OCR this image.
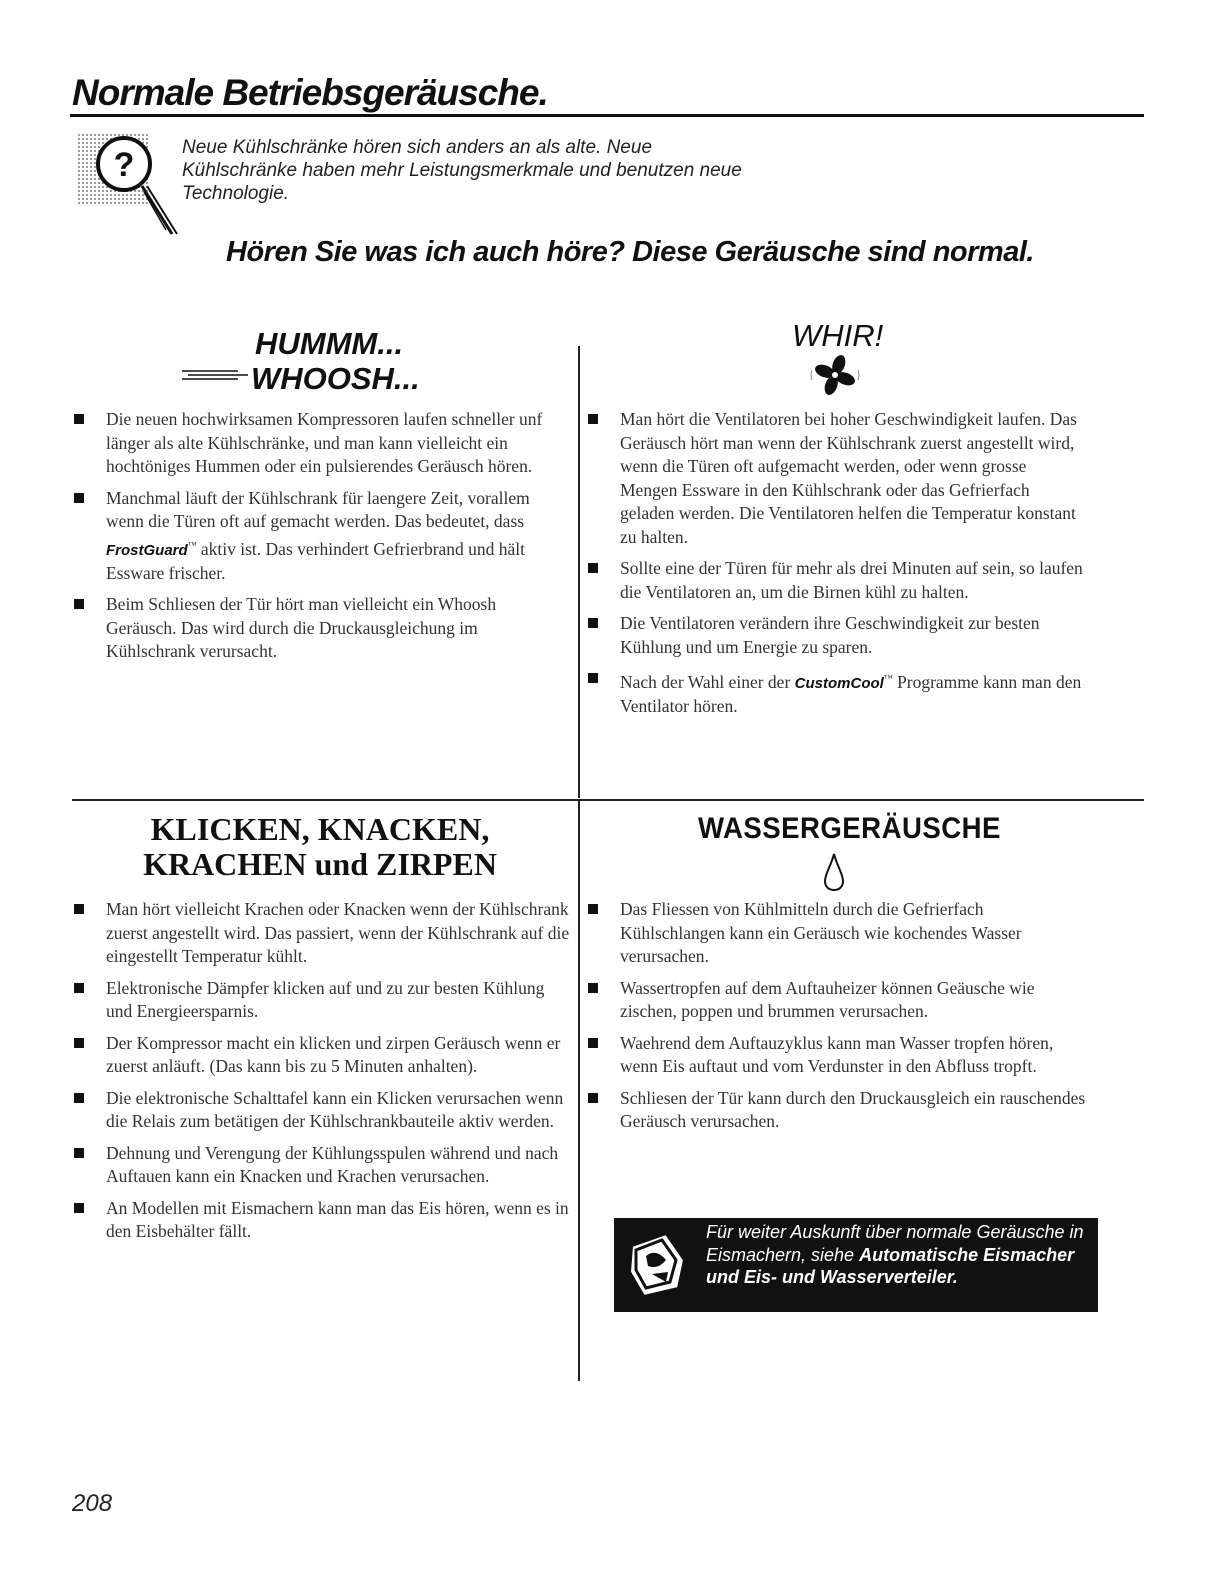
Normale Betriebsgeräusche.
?	Neue Kühlschränke hören sich anders an als alte. Neue Kühlschränke haben mehr Leistungsmerkmale und benutzen neue Technologie.
Hören Sie was ich auch höre? Diese Geräusche sind normal.
HUMMM...
WHOOSH...
Die neuen hochwirksamen Kompressoren laufen schneller unf länger als alte Kühlschränke, und man kann vielleicht ein hochtöniges Hummen oder ein pulsierendes Geräusch hören.
Manchmal läuft der Kühlschrank für laengere Zeit, vorallem wenn die Türen oft auf gemacht werden. Das bedeutet, dass FrostGuard™ aktiv ist. Das verhindert Gefrierbrand und hält Essware frischer.
Beim Schliesen der Tür hört man vielleicht ein Whoosh Geräusch. Das wird durch die Druckausgleichung im Kühlschrank verursacht.
WHIR!
Man hört die Ventilatoren bei hoher Geschwindigkeit laufen. Das Geräusch hört man wenn der Kühlschrank zuerst angestellt wird, wenn die Türen oft aufgemacht werden, oder wenn grosse Mengen Essware in den Kühlschrank oder das Gefrierfach geladen werden. Die Ventilatoren helfen die Temperatur konstant zu halten.
Sollte eine der Türen für mehr als drei Minuten auf sein, so laufen die Ventilatoren an, um die Birnen kühl zu halten.
Die Ventilatoren verändern ihre Geschwindigkeit zur besten Kühlung und um Energie zu sparen.
Nach der Wahl einer der CustomCool™ Programme kann man den Ventilator hören.
KLICKEN, KNACKEN, KRACHEN und ZIRPEN
Man hört vielleicht Krachen oder Knacken wenn der Kühlschrank zuerst angestellt wird. Das passiert, wenn der Kühlschrank auf die eingestellt Temperatur kühlt.
Elektronische Dämpfer klicken auf und zu zur besten Kühlung und Energieersparnis.
Der Kompressor macht ein klicken und zirpen Geräusch wenn er zuerst anläuft. (Das kann bis zu 5 Minuten anhalten).
Die elektronische Schalttafel kann ein Klicken verursachen wenn die Relais zum betätigen der Kühlschrankbauteile aktiv werden.
Dehnung und Verengung der Kühlungsspulen während und nach Auftauen kann ein Knacken und Krachen verursachen.
An Modellen mit Eismachern kann man das Eis hören, wenn es in den Eisbehälter fällt.
WASSERGERÄUSCHE
Das Fliessen von Kühlmitteln durch die Gefrierfach Kühlschlangen kann ein Geräusch wie kochendes Wasser verursachen.
Wassertropfen auf dem Auftauheizer können Geäusche wie zischen, poppen und brummen verursachen.
Waehrend dem Auftauzyklus kann man Wasser tropfen hören, wenn Eis auftaut und vom Verdunster in den Abfluss tropft.
Schliesen der Tür kann durch den Druckausgleich ein rauschendes Geräusch verursachen.
Für weiter Auskunft über normale Geräusche in Eismachern, siehe Automatische Eismacher und Eis- und Wasserverteiler.
208
